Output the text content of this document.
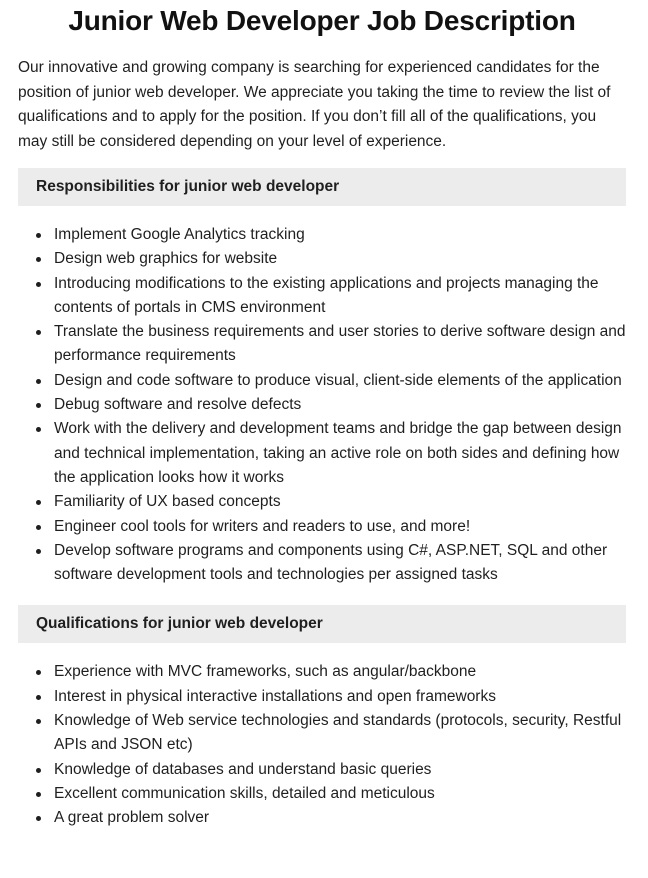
Junior Web Developer Job Description

Our innovative and growing company is searching for experienced candidates for the position of junior web developer. We appreciate you taking the time to review the list of qualifications and to apply for the position. If you don’t fill all of the qualifications, you may still be considered depending on your level of experience.

Responsibilities for junior web developer
Implement Google Analytics tracking
Design web graphics for website
Introducing modifications to the existing applications and projects managing the contents of portals in CMS environment
Translate the business requirements and user stories to derive software design and performance requirements
Design and code software to produce visual, client-side elements of the application
Debug software and resolve defects
Work with the delivery and development teams and bridge the gap between design and technical implementation, taking an active role on both sides and defining how the application looks how it works
Familiarity of UX based concepts
Engineer cool tools for writers and readers to use, and more!
Develop software programs and components using C#, ASP.NET, SQL and other software development tools and technologies per assigned tasks
Qualifications for junior web developer
Experience with MVC frameworks, such as angular/backbone
Interest in physical interactive installations and open frameworks
Knowledge of Web service technologies and standards (protocols, security, Restful APIs and JSON etc)
Knowledge of databases and understand basic queries
Excellent communication skills, detailed and meticulous
A great problem solver
